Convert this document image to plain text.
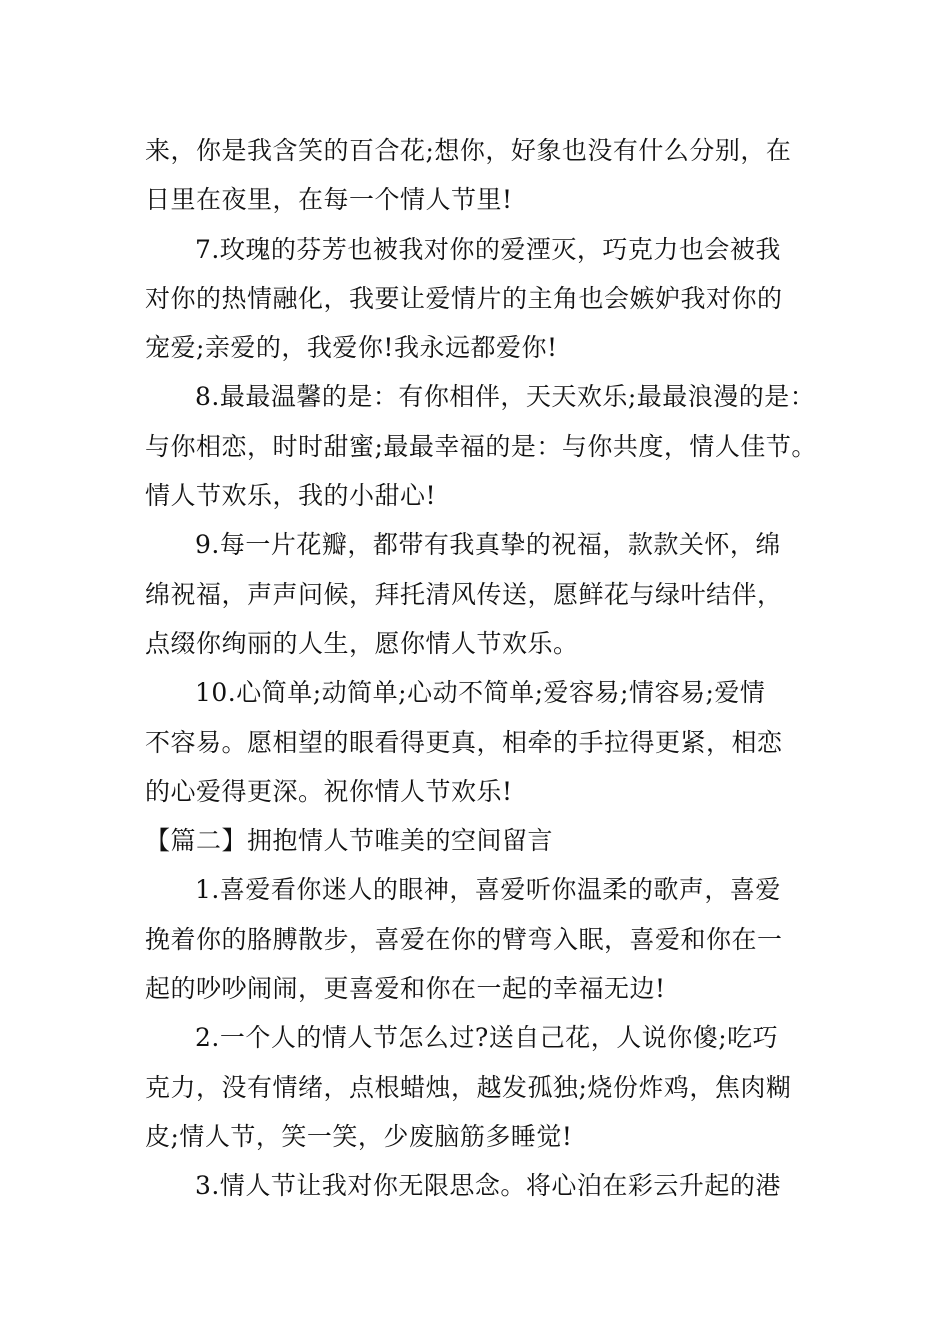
来，你是我含笑的百合花;想你，好象也没有什么分别，在
日里在夜里，在每一个情人节里!
7.玫瑰的芬芳也被我对你的爱湮灭，巧克力也会被我
对你的热情融化，我要让爱情片的主角也会嫉妒我对你的
宠爱;亲爱的，我爱你!我永远都爱你!
8.最最温馨的是：有你相伴，天天欢乐;最最浪漫的是：
与你相恋，时时甜蜜;最最幸福的是：与你共度，情人佳节。
情人节欢乐，我的小甜心!
9.每一片花瓣，都带有我真挚的祝福，款款关怀，绵
绵祝福，声声问候，拜托清风传送，愿鲜花与绿叶结伴，
点缀你绚丽的人生，愿你情人节欢乐。
10.心简单;动简单;心动不简单;爱容易;情容易;爱情
不容易。愿相望的眼看得更真，相牵的手拉得更紧，相恋
的心爱得更深。祝你情人节欢乐!
【篇二】拥抱情人节唯美的空间留言
1.喜爱看你迷人的眼神，喜爱听你温柔的歌声，喜爱
挽着你的胳膊散步，喜爱在你的臂弯入眠，喜爱和你在一
起的吵吵闹闹，更喜爱和你在一起的幸福无边!
2.一个人的情人节怎么过?送自己花，人说你傻;吃巧
克力，没有情绪，点根蜡烛，越发孤独;烧份炸鸡，焦肉糊
皮;情人节，笑一笑，少废脑筋多睡觉!
3.情人节让我对你无限思念。将心泊在彩云升起的港
